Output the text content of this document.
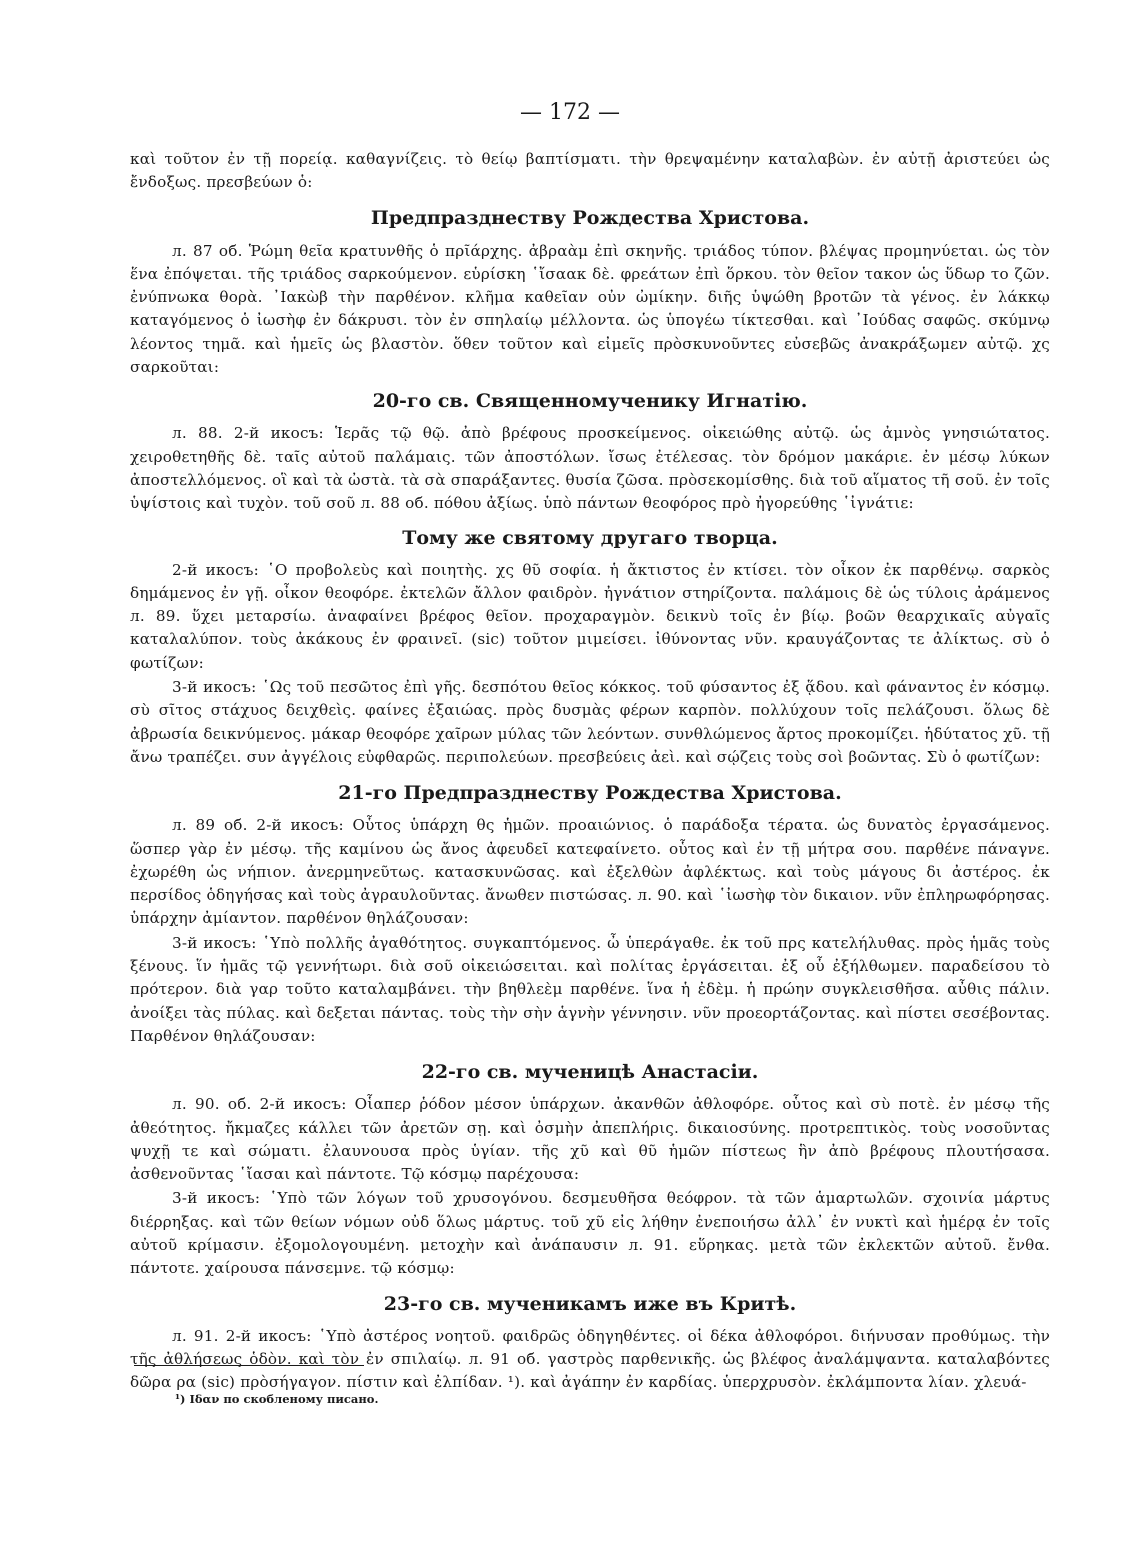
— 172 —

καὶ τοῦτον ἐν τῇ πορείᾳ. καθαγνίζεις. τὸ θείῳ βαπτίσματι. τὴν θρεψαμένην καταλαβὼν. ἐν αὐτῇ ἀριστεύει ὡς ἔνδοξως. πρεσβεύων ὁ:

Предпразднеству Рождества Христова.

л. 87 об. Ῥώμη θεῖα κρατυνθῆς ὁ πρῖάρχης. ἀβραὰμ ἐπὶ σκηνῆς. τριάδος τύπον. βλέψας προμηνύεται. ὡς τὸν ἕνα ἐπόψεται. τῆς τριάδος σαρκούμενον. εὑρίσκη ῾ἴσαακ δὲ. φρεάτων ἐπὶ ὅρκου. τὸν θεῖον τακον ὡς ὕδωρ το ζῶν. ἐνύπνωκα θορὰ. ᾽Ιακὼβ τὴν παρθένον. κλῆμα καθεῖαν οὐν ὠμίκην. διῆς ὑψώθη βροτῶν τὰ γένος. ἐν λάκκῳ καταγόμενος ὁ ἰωσὴφ ἐν δάκρυσι. τὸν ἐν σπηλαίῳ μέλλοντα. ὡς ὑπογέω τίκτεσθαι. καὶ ᾽Ιούδας σαφῶς. σκύμνῳ λέοντος τημᾶ. καὶ ἡμεῖς ὡς βλαστὸν. ὅθεν τοῦτον καὶ εἰμεῖς πρὸσκυνοῦντες εὐσεβῶς ἀνακράξωμεν αὐτῷ. χς σαρκοῦται:

20-го св. Священномученику Игнатію.

л. 88. 2-й икосъ: Ἱερᾶς τῷ θῷ. ἀπὸ βρέφους προσκείμενος. οἰκειώθης αὐτῷ. ὡς ἀμνὸς γνησιώτατος. χειροθετηθῆς δὲ. ταῖς αὐτοῦ παλάμαις. τῶν ἀποστόλων. ἴσως ἐτέλεσας. τὸν δρόμον μακάριε. ἐν μέσῳ λύκων ἀποστελλόμενος. οἳ καὶ τὰ ὠστὰ. τὰ σὰ σπαράξαντες. θυσία ζῶσα. πρὸσεκομίσθης. διὰ τοῦ αἵματος τῆ σοῦ. ἐν τοῖς ὑψίστοις καὶ τυχὸν. τοῦ σοῦ л. 88 об. πόθου ἀξίως. ὑπὸ πάντων θεοφόρος πρὸ ἠγορεύθης ῾ἰγνάτιε:

Тому же святому другаго творца.

2-й икосъ: ῾Ο προβολεὺς καὶ ποιητὴς. χς θῦ σοφία. ἡ ἄκτιστος ἐν κτίσει. τὸν οἶκον ἐκ παρθένῳ. σαρκὸς δημάμενος ἐν γῇ. οἶκον θεοφόρε. ἐκτελῶν ἄλλον φαιδρὸν. ἠγνάτιον στηρίζοντα. παλάμοις δὲ ὡς τύλοις ἀράμενος л. 89. ὕχει μεταρσίω. ἀναφαίνει βρέφος θεῖον. προχαραγμὸν. δεικνὺ τοῖς ἐν βίῳ. βοῶν θεαρχικαῖς αὐγαῖς καταλαλύπον. τοὺς ἀκάκους ἐν φραινεῖ. (sic) τοῦτον μιμείσει. ἰθύνοντας νῦν. κραυγάζοντας τε ἀλίκτως. σὺ ὁ φωτίζων:

3-й икосъ: ῾Ως τοῦ πεσῶτος ἐπὶ γῆς. δεσπότου θεῖος κόκκος. τοῦ φύσαντος ἐξ ᾅδου. καὶ φάναντος ἐν κόσμῳ. σὺ σῖτος στάχυος δειχθεὶς. φαίνες ἐξαιώας. πρὸς δυσμὰς φέρων καρπὸν. πολλύχουν τοῖς πελάζουσι. ὅλως δὲ ἀβρωσία δεικνύμενος. μάκαρ θεοφόρε χαῖρων μύλας τῶν λεόντων. συνθλώμενος ἄρτος προκομίζει. ἡδύτατος χῦ. τῇ ἄνω τραπέζει. συν ἀγγέλοις εὐφθαρῶς. περιπολεύων. πρεσβεύεις ἀεὶ. καὶ σῴζεις τοὺς σοὶ βοῶντας. Σὺ ὁ φωτίζων:

21-го Предпразднеству Рождества Христова.

л. 89 об. 2-й икосъ: Οὗτος ὑπάρχη θς ἡμῶν. προαιώνιος. ὁ παράδοξα τέρατα. ὡς δυνατὸς ἐργασάμενος. ὥσπερ γὰρ ἐν μέσῳ. τῆς καμίνου ὡς ἄνος ἀφευδεῖ κατεφαίνετο. οὗτος καὶ ἐν τῇ μήτρα σου. παρθένε πάναγνε. ἐχωρέθη ὡς νήπιον. ἀνερμηνεῦτως. κατασκυνῶσας. καὶ ἐξελθὼν ἀφλέκτως. καὶ τοὺς μάγους δι ἀστέρος. ἐκ περσίδος ὁδηγήσας καὶ τοὺς ἀγραυλοῦντας. ἄνωθεν πιστώσας. л. 90. καὶ ῾ἰωσὴφ τὸν δικαιον. νῦν ἐπληρωφόρησας. ὑπάρχην ἀμίαντον. παρθένον θηλάζουσαν:

3-й икосъ: ῾Υπὸ πολλῆς ἀγαθότητος. συγκαπτόμενος. ὦ ὑπεράγαθε. ἐκ τοῦ πρς κατελήλυθας. πρὸς ἡμᾶς τοὺς ξένους. ἵν ἡμᾶς τῷ γεννήτωρι. διὰ σοῦ οἰκειώσειται. καὶ πολίτας ἐργάσειται. ἐξ οὗ ἐξήλθωμεν. παραδείσου τὸ πρότερον. διὰ γαρ τοῦτο καταλαμβάνει. τὴν βηθλεὲμ παρθένε. ἵνα ἡ ἐδὲμ. ἡ πρώην συγκλεισθῆσα. αὖθις πάλιν. ἀνοίξει τὰς πύλας. καὶ δεξεται πάντας. τοὺς τὴν σὴν ἁγνὴν γέννησιν. νῦν προεορτάζοντας. καὶ πίστει σεσέβοντας. Παρθένον θηλάζουσαν:

22-го св. мученицѣ Анастасіи.

л. 90. об. 2-й икосъ: Οἷαπερ ῥόδον μέσον ὑπάρχων. ἀκανθῶν ἀθλοφόρε. οὗτος καὶ σὺ ποτὲ. ἐν μέσῳ τῆς ἀθεότητος. ἤκμαζες κάλλει τῶν ἀρετῶν σῃ. καὶ ὀσμὴν ἀπεπλήρις. δικαιοσύνης. προτρεπτικὸς. τοὺς νοσοῦντας ψυχῇ τε καὶ σώματι. ἐλαυνουσα πρὸς ὑγίαν. τῆς χῦ καὶ θῦ ἡμῶν πίστεως ἣν ἀπὸ βρέφους πλουτήσασα. ἀσθενοῦντας ῾ἴασαι καὶ πάντοτε. Τῷ κόσμῳ παρέχουσα:

3-й икосъ: ῾Υπὸ τῶν λόγων τοῦ χρυσογόνου. δεσμευθῆσα θεόφρον. τὰ τῶν ἁμαρτωλῶν. σχοινία μάρτυς διέρρηξας. καὶ τῶν θείων νόμων οὐδ ὅλως μάρτυς. τοῦ χῦ εἰς λήθην ἐνεποιήσω ἀλλ᾽ ἐν νυκτὶ καὶ ἡμέρᾳ ἐν τοῖς αὐτοῦ κρίμασιν. ἐξομολογουμένη. μετοχὴν καὶ ἀνάπαυσιν л. 91. εὕρηκας. μετὰ τῶν ἐκλεκτῶν αὐτοῦ. ἔνθα. πάντοτε. χαίρουσα πάνσεμνε. τῷ κόσμῳ:

23-го св. мученикамъ иже въ Критѣ.

л. 91. 2-й икосъ: ῾Υπὸ ἀστέρος νοητοῦ. φαιδρῶς ὀδηγηθέντες. οἱ δέκα ἀθλοφόροι. διήνυσαν προθύμως. τὴν τῆς ἀθλήσεως ὁδὸν. καὶ τὸν ἐν σπιλαίῳ. л. 91 об. γαστρὸς παρθενικῆς. ὡς βλέφος ἀναλάμψαντα. καταλαβόντες δῶρα ρα (sic) πρὸσήγαγον. πίστιν καὶ ἐλπίδαν. ¹). καὶ ἀγάπην ἐν καρδίας. ὑπερχρυσὸν. ἐκλάμποντα λίαν. χλευά-

¹) Ιδαν по скобленому писано.
